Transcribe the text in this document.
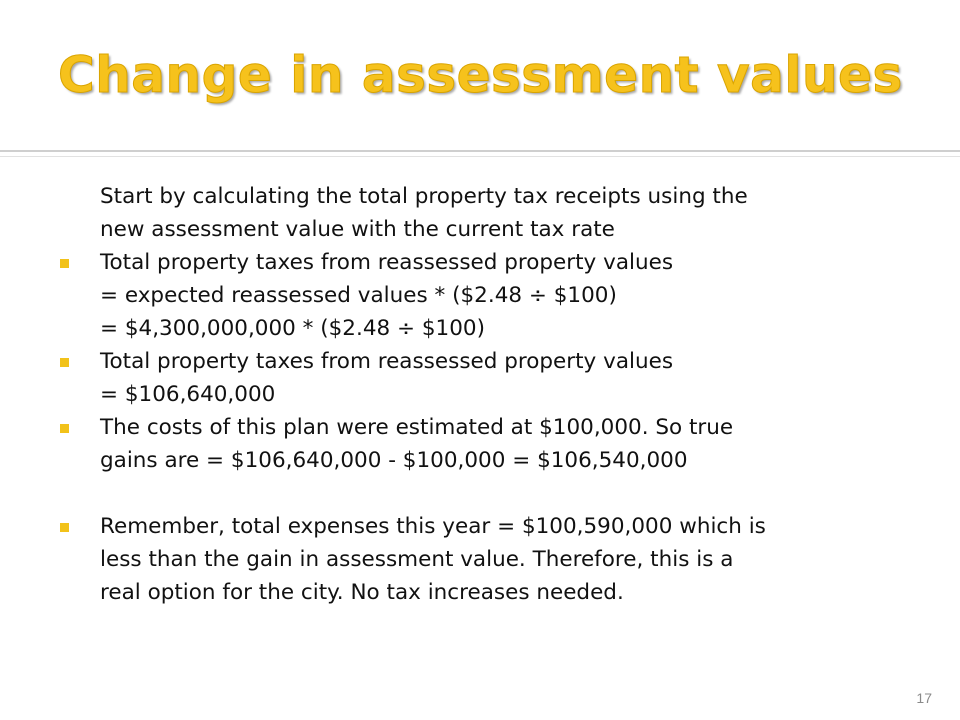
Change in assessment values
Start by calculating the total property tax receipts using the
new assessment value with the current tax rate
Total property taxes from reassessed property values
= expected reassessed values * ($2.48 ÷ $100)
= $4,300,000,000 * ($2.48 ÷ $100)
Total property taxes from reassessed property values
= $106,640,000
The costs of this plan were estimated at $100,000. So true
gains are = $106,640,000 - $100,000 = $106,540,000
Remember, total expenses this year = $100,590,000 which is
less than the gain in assessment value. Therefore, this is a
real option for the city. No tax increases needed.
17
